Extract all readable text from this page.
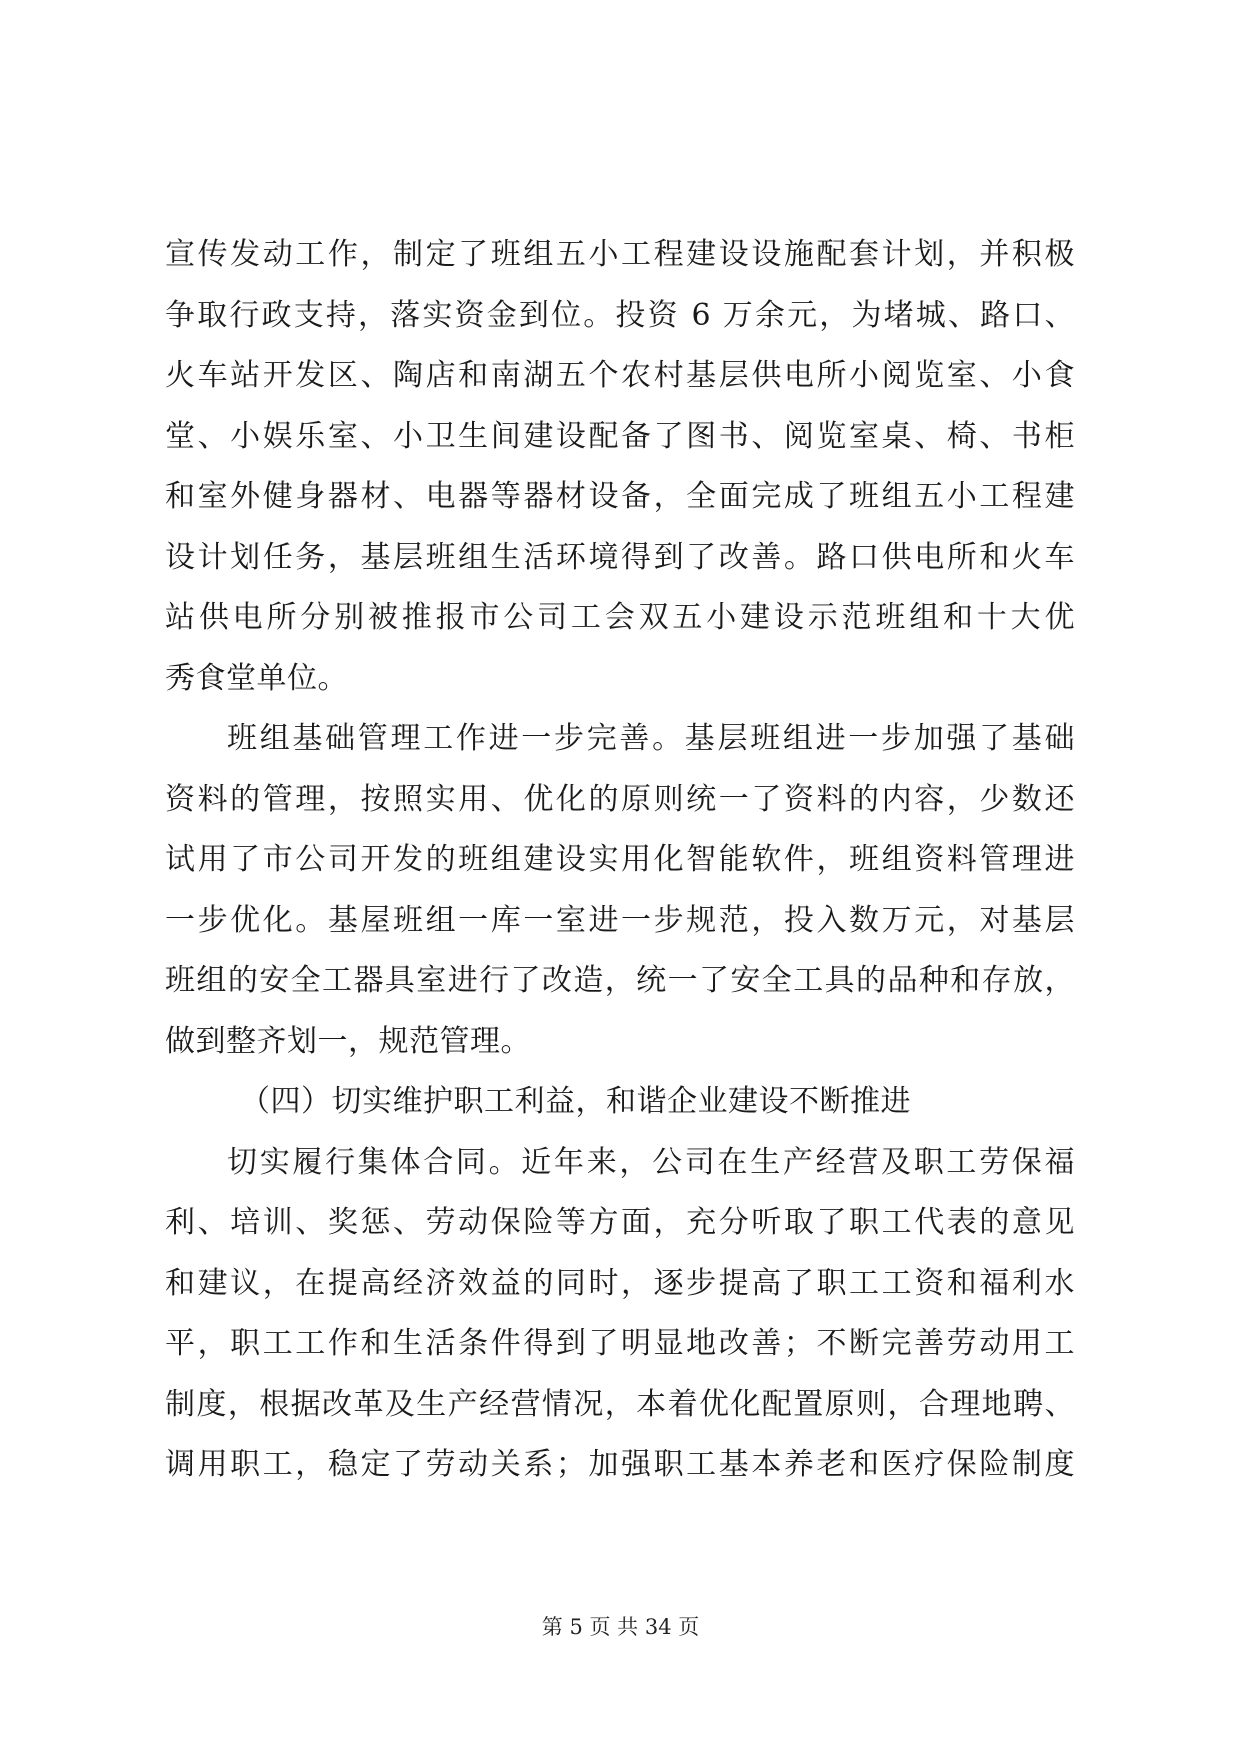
宣传发动工作，制定了班组五小工程建设设施配套计划，并积极
争取行政支持，落实资金到位。投资 6 万余元，为堵城、路口、
火车站开发区、陶店和南湖五个农村基层供电所小阅览室、小食
堂、小娱乐室、小卫生间建设配备了图书、阅览室桌、椅、书柜
和室外健身器材、电器等器材设备，全面完成了班组五小工程建
设计划任务，基层班组生活环境得到了改善。路口供电所和火车
站供电所分别被推报市公司工会双五小建设示范班组和十大优
秀食堂单位。
班组基础管理工作进一步完善。基层班组进一步加强了基础
资料的管理，按照实用、优化的原则统一了资料的内容，少数还
试用了市公司开发的班组建设实用化智能软件，班组资料管理进
一步优化。基屋班组一库一室进一步规范，投入数万元，对基层
班组的安全工器具室进行了改造，统一了安全工具的品种和存放，
做到整齐划一，规范管理。
（四）切实维护职工利益，和谐企业建设不断推进
切实履行集体合同。近年来，公司在生产经营及职工劳保福
利、培训、奖惩、劳动保险等方面，充分听取了职工代表的意见
和建议，在提高经济效益的同时，逐步提高了职工工资和福利水
平，职工工作和生活条件得到了明显地改善；不断完善劳动用工
制度，根据改革及生产经营情况，本着优化配置原则，合理地聘、
调用职工，稳定了劳动关系；加强职工基本养老和医疗保险制度
第 5 页 共 34 页
